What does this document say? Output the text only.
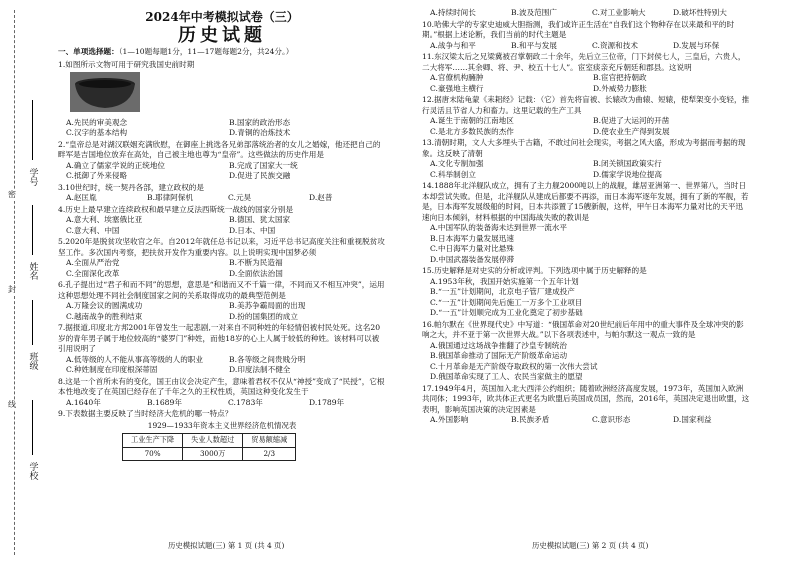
密
封
线
学号
姓名
班级
学校
2024年中考模拟试卷（三）
历史试题
一、单项选择题：（1—10题每题1分，11—17题每题2分，共24分。）

1.如图所示文物可用于研究我国史前时期

A.先民的审美观念	B.国家的政治形态
C.汉字的基本结构	D.青铜的冶炼技术

2.“皇帝总是对湖汉联姻充满欣慰，在御座上挑选各兄弟部落统治者的女儿之婚嫁，他还把自己的畔军是吉国地位放弃在高处，自己被主地也尊为“皇帝”。这些做法的历史作用是

A.确立了儒家学说的正统地位	B.完成了国家大一统
C.抵御了外来侵略	D.促进了民族交融

3.10世纪时，统一契丹各部，建立政权的是

A.赵匡胤	B.耶律阿保机	C.元昊	D.赵普

4.历史上最早建立连续政权和最早建立反法西斯统一战线的国家分别是

A.意大利、埃塞俄比亚	B.德国、犹太国家
C.意大利、中国	D.日本、中国

5.2020年是脱贫攻坚收官之年。自2012年就任总书记以来，习近平总书记高度关注和重视脱贫攻坚工作。多次国内考察，把扶贫开发作为重要内容。以上说明实现中国梦必须

A.全面从严治党	B.不断为民造福
C.全面深化改革	D.全面依法治国

6.孔子提出过“君子和而不同”的思想，意思是“和谐而又不千篇一律，不同而又不相互冲突”，运用这种思想处理不同社会制度国家之间的关系取得成功的最典型范例是

A.万隆会议的圆满成功	B.美苏争霸局面的出现
C.越南战争的胜利结束	D.扮的国集团的成立

7.据报道,印度北方邦2001年曾发生一起悲剧,一对来自不同种姓的年轻情侣被村民处死。这名20岁的青年男子属于地位较高的“婆罗门”种姓，而他18岁的心上人属于较低的种姓。该材料可以被引用说明了

A.低等级的人不能从事高等级的人的职业	B.各等级之间贵贱分明
C.种姓制度在印度根深蒂固	D.印度法制不健全

8.这是一个首所未有的变化，国王由议会决定产生，意味着君权不仅从“神授”变成了“民授”，它根本性地改变了在英国已经存在了千年之久的王权性质，英国这种变化发生于

A.1640年	B.1689年	C.1783年	D.1789年

9.下表数据主要反映了当时经济大危机的哪一特点？

1929—1933年资本主义世界经济危机情况表
工业生产下降	失业人数超过	贸易额缩减
70%	3000万	2/3
A.持续时间长	B.波及范围广	C.对工业影响大	D.破坏性特别大

10.哈佛大学的专家史迪威大胆指测，我们或许正生活在“自我们这个物种存在以来最和平的时期。”根据上述论断，我们当前的时代主题是

A.战争与和平	B.和平与发展	C.资源和技术	D.发展与环保

11.东汉梁太后之兄梁冀被召掌朝政二十余年，先后立三位帝，门下封侯七人，三皇后，六贵人，二大将军……其余卿、将、尹、校五十七人”。宦室痰亲充斥朝廷和郡县。这说明

A.官僚机构臃肿	B.宦官把持朝政
C.豪强地主横行	D.外威势力膨胀

12.据唐末陆龟蒙《耒耜经》记载：（它）首先将盲被、长辕改为曲辕、短辕，使犁架变小变轻，推行灵活且节省人力和畜力。这里记载的生产工具

A.诞生于南朝的江南地区	B.促进了大运河的开凿
C.是北方多数民族的杰作	D.使农业生产得到发展

13.清朝时期，文人大多埋头于古籍，不敢过问社会现实，考据之风大盛，形成为考据而考据的现象。这反映了清朝

A.文化专制加强	B.闭关锁国政策实行
C.科举制创立	D.儒家学说地位提高

14.1888年北洋舰队成立，拥有了主力舰2000吨以上的战舰，雄居亚洲第一、世界第八，当时日本却尝试失败。但是，北洋舰队从建成后都要不再添，而日本海军逐年发展，拥有了新的军舰，若是，日本海军发展级船的时间，日本共添置了15艘新舰，这样，甲午日本海军力量对比的天平迅速向日本倾斜，材料根据的中国海战失败的教训是

A.中国军队的装备海未达到世界一流水平
B.日本海军力量发展迅速
C.中日海军力量对比悬殊
D.中国武器装备发展停滞

15.历史解释是对史实的分析或评判。下列选项中属于历史解释的是

A.1953年秋，我国开始实施第一个五年计划
B.“一五”计划期间，北京电子管厂建成投产
C.“一五”计划期间先后施工一万多个工业项目
D.“一五”计划顺完成为工业化奠定了初步基础

16.帕尔默在《世界现代史》中写道：“俄国革命对20世纪前后年用中的重大事件及全球冲突的影响之大，并不亚于第一次世界大战。”以下各项表述中，与帕尔默这一观点一致的是

A.俄国通过这场战争推翻了沙皇专制统治
B.俄国革命推动了国际无产阶级革命运动
C.十月革命是无产阶级夺取政权的第一次伟大尝试
D.俄国革命实现了工人、农民当家做主的愿望

17.1949年4月，英国加入北大西洋公约组织；随着欧洲经济高度发展，1973年，英国加入欧洲共同体；1993年，欧共体正式更名为欧盟后英国成员国，然而，2016年，英国决定退出欧盟，这表明，影响英国决策的决定因素是

A.外国影响	B.民族矛盾	C.意识形态	D.国家利益
历史模拟试题(三) 第 1 页 (共 4 页)	历史模拟试题(三) 第 2 页 (共 4 页)
